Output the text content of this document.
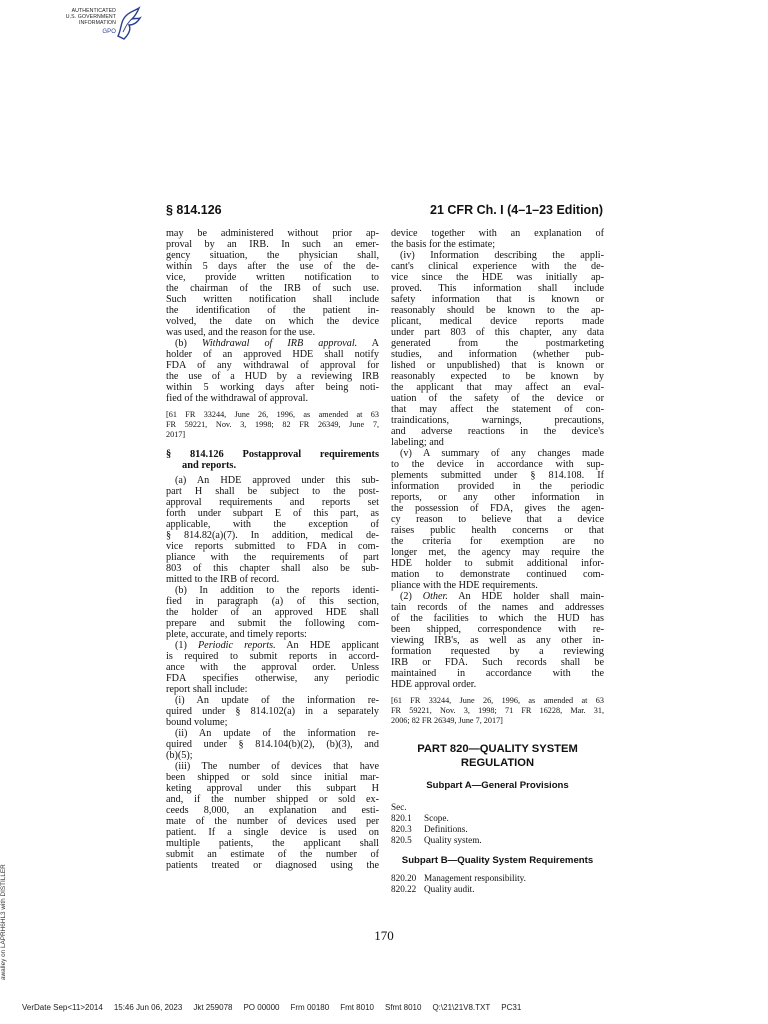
AUTHENTICATED
U.S. GOVERNMENT
INFORMATION
GPO
§ 814.126	21 CFR Ch. I (4–1–23 Edition)
may be administered without prior ap-
proval by an IRB. In such an emer-
gency situation, the physician shall,
within 5 days after the use of the de-
vice, provide written notification to
the chairman of the IRB of such use.
Such written notification shall include
the identification of the patient in-
volved, the date on which the device
was used, and the reason for the use.
(b) Withdrawal of IRB approval. A
holder of an approved HDE shall notify
FDA of any withdrawal of approval for
the use of a HUD by a reviewing IRB
within 5 working days after being noti-
fied of the withdrawal of approval.
[61 FR 33244, June 26, 1996, as amended at 63
FR 59221, Nov. 3, 1998; 82 FR 26349, June 7,
2017]
§ 814.126 Postapproval requirements
and reports.
(a) An HDE approved under this sub-
part H shall be subject to the post-
approval requirements and reports set
forth under subpart E of this part, as
applicable, with the exception of
§ 814.82(a)(7). In addition, medical de-
vice reports submitted to FDA in com-
pliance with the requirements of part
803 of this chapter shall also be sub-
mitted to the IRB of record.
(b) In addition to the reports identi-
fied in paragraph (a) of this section,
the holder of an approved HDE shall
prepare and submit the following com-
plete, accurate, and timely reports:
(1) Periodic reports. An HDE applicant
is required to submit reports in accord-
ance with the approval order. Unless
FDA specifies otherwise, any periodic
report shall include:
(i) An update of the information re-
quired under § 814.102(a) in a separately
bound volume;
(ii) An update of the information re-
quired under § 814.104(b)(2), (b)(3), and
(b)(5);
(iii) The number of devices that have
been shipped or sold since initial mar-
keting approval under this subpart H
and, if the number shipped or sold ex-
ceeds 8,000, an explanation and esti-
mate of the number of devices used per
patient. If a single device is used on
multiple patients, the applicant shall
submit an estimate of the number of
patients treated or diagnosed using the
device together with an explanation of
the basis for the estimate;
(iv) Information describing the appli-
cant's clinical experience with the de-
vice since the HDE was initially ap-
proved. This information shall include
safety information that is known or
reasonably should be known to the ap-
plicant, medical device reports made
under part 803 of this chapter, any data
generated from the postmarketing
studies, and information (whether pub-
lished or unpublished) that is known or
reasonably expected to be known by
the applicant that may affect an eval-
uation of the safety of the device or
that may affect the statement of con-
traindications, warnings, precautions,
and adverse reactions in the device's
labeling; and
(v) A summary of any changes made
to the device in accordance with sup-
plements submitted under § 814.108. If
information provided in the periodic
reports, or any other information in
the possession of FDA, gives the agen-
cy reason to believe that a device
raises public health concerns or that
the criteria for exemption are no
longer met, the agency may require the
HDE holder to submit additional infor-
mation to demonstrate continued com-
pliance with the HDE requirements.
(2) Other. An HDE holder shall main-
tain records of the names and addresses
of the facilities to which the HUD has
been shipped, correspondence with re-
viewing IRB's, as well as any other in-
formation requested by a reviewing
IRB or FDA. Such records shall be
maintained in accordance with the
HDE approval order.
[61 FR 33244, June 26, 1996, as amended at 63
FR 59221, Nov. 3, 1998; 71 FR 16228, Mar. 31,
2006; 82 FR 26349, June 7, 2017]
PART 820—QUALITY SYSTEM
REGULATION
Subpart A—General Provisions
Sec.
820.1 Scope.
820.3 Definitions.
820.5 Quality system.
Subpart B—Quality System Requirements
820.20 Management responsibility.
820.22 Quality audit.
170
awalley on LAPRH6HL3 with DISTILLER
VerDate Sep<11>2014 15:46 Jun 06, 2023 Jkt 259078 PO 00000 Frm 00180 Fmt 8010 Sfmt 8010 Q:\21\21V8.TXT PC31
